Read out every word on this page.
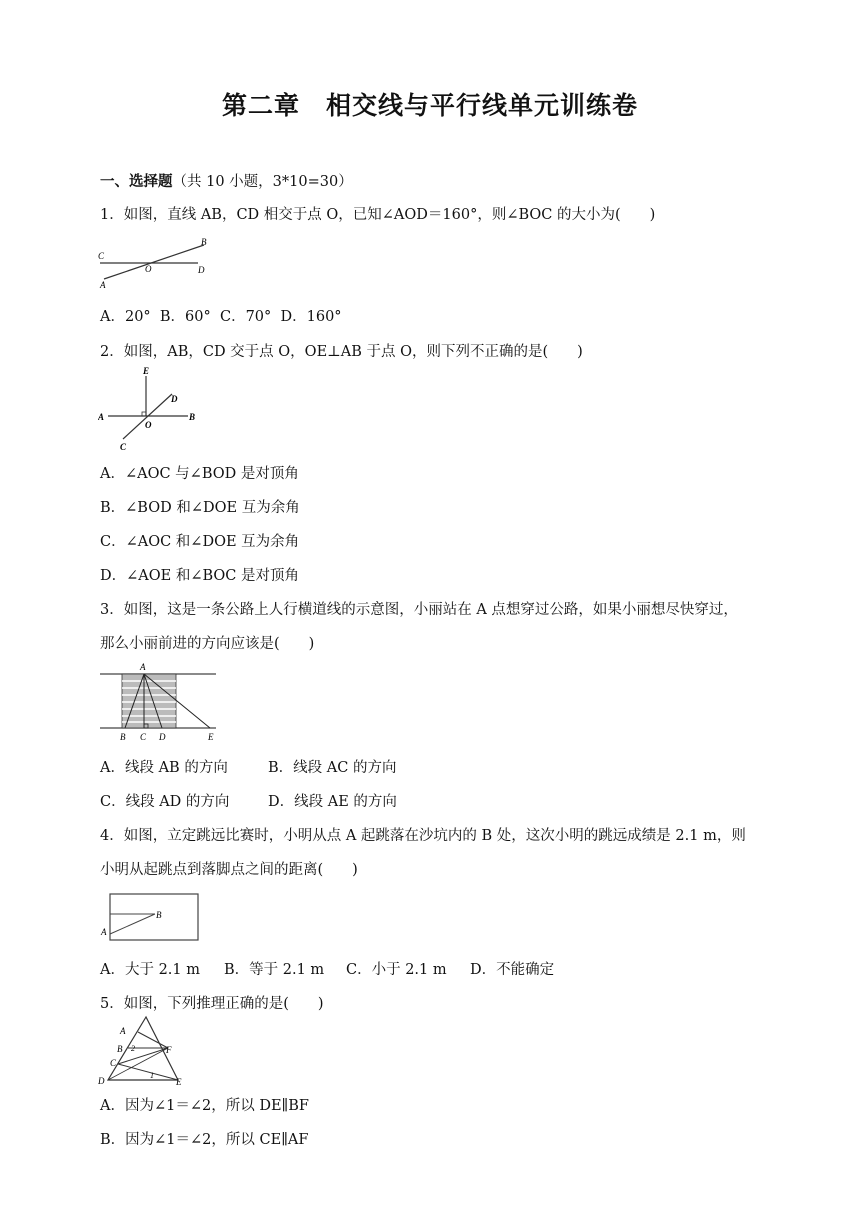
第二章　相交线与平行线单元训练卷
一、选择题（共 10 小题，3*10=30）
1．如图，直线 AB，CD 相交于点 O，已知∠AOD＝160°，则∠BOC 的大小为(　　)
C
O	D
A
B
A．20° B．60° C．70° D．160°
2．如图，AB，CD 交于点 O，OE⊥AB 于点 O，则下列不正确的是(　　)
E
D
A
O
B
C
A．∠AOC 与∠BOD 是对顶角
B．∠BOD 和∠DOE 互为余角
C．∠AOC 和∠DOE 互为余角
D．∠AOE 和∠BOC 是对顶角
3．如图，这是一条公路上人行横道线的示意图，小丽站在 A 点想穿过公路，如果小丽想尽快穿过，
那么小丽前进的方向应该是(　　)
A
B C D	E
A．线段 AB 的方向	B．线段 AC 的方向
C．线段 AD 的方向	D．线段 AE 的方向
4．如图，立定跳远比赛时，小明从点 A 起跳落在沙坑内的 B 处，这次小明的跳远成绩是 2.1 m，则
小明从起跳点到落脚点之间的距离(　　)
B
A
A．大于 2.1 m B．等于 2.1 m C．小于 2.1 m D．不能确定
5．如图，下列推理正确的是(　　)
A
B 2	F
C
1
D	E
A．因为∠1＝∠2，所以 DE∥BF
B．因为∠1＝∠2，所以 CE∥AF
